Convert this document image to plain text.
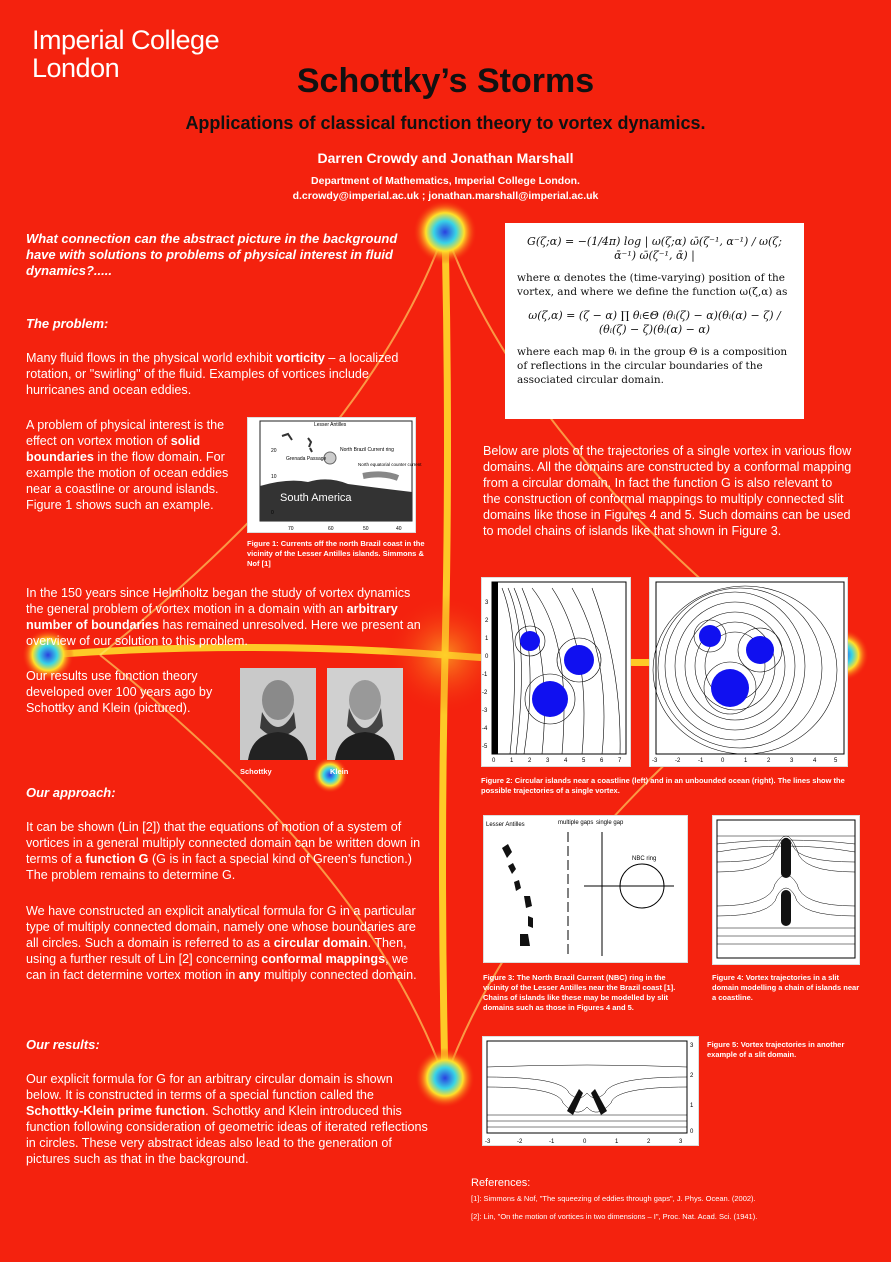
Imperial College
London	Schottky’s Storms
Applications of classical function theory to vortex dynamics.
Darren Crowdy and Jonathan Marshall
Department of Mathematics, Imperial College London.
d.crowdy@imperial.ac.uk ; jonathan.marshall@imperial.ac.uk
What connection can the abstract picture in the background have with solutions to problems of physical interest in fluid dynamics?.....
The problem:
Many fluid flows in the physical world exhibit vorticity – a localized rotation, or "swirling" of the fluid. Examples of vortices include hurricanes and ocean eddies.
A problem of physical interest is the effect on vortex motion of solid boundaries in the flow domain. For example the motion of ocean eddies near a coastline or around islands. Figure 1 shows such an example.
20
10
0
Lesser Antilles
North Brazil Current ring
Grenada Passage
North equatorial counter current
South America
70	60	50	40
Figure 1: Currents off the north Brazil coast in the vicinity of the Lesser Antilles islands. Simmons & Nof [1]
In the 150 years since Helmholtz began the study of vortex dynamics the general problem of vortex motion in a domain with an arbitrary number of boundaries has remained unresolved. Here we present an overview of our solution to this problem.
Our results use function theory developed over 100 years ago by Schottky and Klein (pictured).
Schottky	Klein
Our approach:
It can be shown (Lin [2]) that the equations of motion of a system of vortices in a general multiply connected domain can be written down in terms of a function G (G is in fact a special kind of Green's function.) The problem remains to determine G.
We have constructed an explicit analytical formula for G in a particular type of multiply connected domain, namely one whose boundaries are all circles. Such a domain is referred to as a circular domain. Then, using a further result of Lin [2] concerning conformal mappings, we can in fact determine vortex motion in any multiply connected domain.
Our results:
Our explicit formula for G for an arbitrary circular domain is shown below. It is constructed in terms of a special function called the Schottky-Klein prime function. Schottky and Klein introduced this function following consideration of geometric ideas of iterated reflections in circles. These very abstract ideas also lead to the generation of pictures such as that in the background.
G(ζ;α) = −(1/4π) log | ω(ζ;α) ω̄(ζ⁻¹, α⁻¹) / ω(ζ; ᾱ⁻¹) ω̄(ζ⁻¹, ᾱ) |
where α denotes the (time-varying) position of the vortex, and where we define the function ω(ζ,α) as
ω(ζ,α) = (ζ − α) ∏ θᵢ∈Θ (θᵢ(ζ) − α)(θᵢ(α) − ζ) / (θᵢ(ζ) − ζ)(θᵢ(α) − α)
where each map θᵢ in the group Θ is a composition of reflections in the circular boundaries of the associated circular domain.
Below are plots of the trajectories of a single vortex in various flow domains. All the domains are constructed by a conformal mapping from a circular domain. In fact the function G is also relevant to the construction of conformal mappings to multiply connected slit domains like those in Figures 4 and 5. Such domains can be used to model chains of islands like that shown in Figure 3.
3
2
1
0
-1
-2
-3
-4
-5
0 1 2 3 4 5 6 7	-3	-2	-1	0	1	2	3	4	5
Figure 2: Circular islands near a coastline (left) and in an unbounded ocean (right). The lines show the possible trajectories of a single vortex.
Lesser Antilles	multiple gaps single gap
NBC ring
Figure 3: The North Brazil Current (NBC) ring in the vicinity of the Lesser Antilles near the Brazil coast [1]. Chains of islands like these may be modelled by slit domains such as those in Figures 4 and 5.
Figure 4: Vortex trajectories in a slit domain modelling a chain of islands near a coastline.
-3	-2	-1	0	1	2	3
3
2
1
0
Figure 5: Vortex trajectories in another example of a slit domain.
References:
[1]: Simmons & Nof, "The squeezing of eddies through gaps", J. Phys. Ocean. (2002).
[2]: Lin, "On the motion of vortices in two dimensions – I", Proc. Nat. Acad. Sci. (1941).
